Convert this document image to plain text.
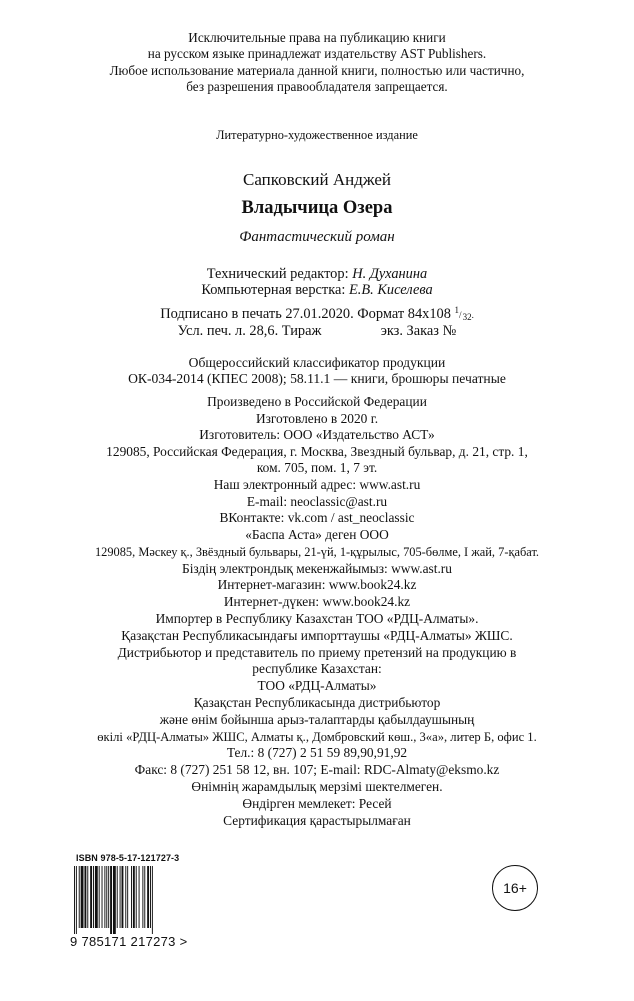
Исключительные права на публикацию книги
на русском языке принадлежат издательству AST Publishers.
Любое использование материала данной книги, полностью или частично,
без разрешения правообладателя запрещается.
Литературно-художественное издание
Сапковский Анджей
Владычица Озера
Фантастический роман
Технический редактор: Н. Духанина
Компьютерная верстка: Е.В. Киселева
Подписано в печать 27.01.2020. Формат 84х108 1/32.
Усл. печ. л. 28,6. Тираж	экз. Заказ №
Общероссийский классификатор продукции
ОК-034-2014 (КПЕС 2008); 58.11.1 — книги, брошюры печатные
Произведено в Российской Федерации
Изготовлено в 2020 г.
Изготовитель: ООО «Издательство АСТ»
129085, Российская Федерация, г. Москва, Звездный бульвар, д. 21, стр. 1,
ком. 705, пом. 1, 7 эт.
Наш электронный адрес: www.ast.ru
E-mail: neoclassic@ast.ru
ВКонтакте: vk.com / ast_neoclassic
«Баспа Аста» деген ООО
129085, Мәскеу қ., Звёздный бульвары, 21-үй, 1-құрылыс, 705-бөлме, I жай, 7-қабат.
Біздің электрондық мекенжайымыз: www.ast.ru
Интернет-магазин: www.book24.kz
Интернет-дүкен: www.book24.kz
Импортер в Республику Казахстан ТОО «РДЦ-Алматы».
Қазақстан Республикасындағы импорттаушы «РДЦ-Алматы» ЖШС.
Дистрибьютор и представитель по приему претензий на продукцию в
республике Казахстан:
ТОО «РДЦ-Алматы»
Қазақстан Республикасында дистрибьютор
және өнім бойынша арыз-талаптарды қабылдаушының
өкілі «РДЦ-Алматы» ЖШС, Алматы қ., Домбровский көш., 3«а», литер Б, офис 1.
Тел.: 8 (727) 2 51 59 89,90,91,92
Факс: 8 (727) 251 58 12, вн. 107; E-mail: RDC-Almaty@eksmo.kz
Өнімнің жарамдылық мерзімі шектелмеген.
Өндірген мемлекет: Ресей
Сертификация қарастырылмаған
ISBN 978-5-17-121727-3
9 785171 217273 >
16+
